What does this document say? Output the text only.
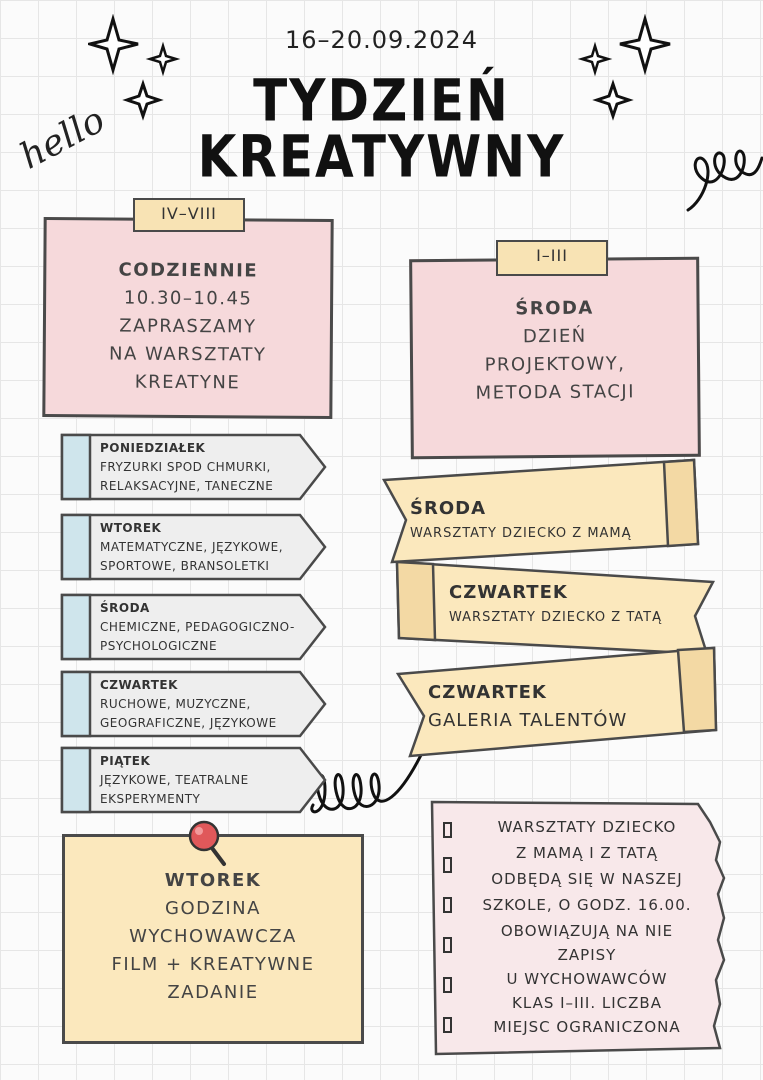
16–20.09.2024
TYDZIEŃ
KREATYWNY
hello
CODZIENNIE
10.30–10.45
ZAPRASZAMY
NA WARSZTATY
KREATYNE
IV–VIII
PONIEDZIAŁEK
FRYZURKI SPOD CHMURKI,
RELAKSACYJNE, TANECZNE
WTOREK
MATEMATYCZNE, JĘZYKOWE,
SPORTOWE, BRANSOLETKI
ŚRODA
CHEMICZNE, PEDAGOGICZNO-
PSYCHOLOGICZNE
CZWARTEK
RUCHOWE, MUZYCZNE,
GEOGRAFICZNE, JĘZYKOWE
PIĄTEK
JĘZYKOWE, TEATRALNE
EKSPERYMENTY
WTOREK
GODZINA
WYCHOWAWCZA
FILM + KREATYWNE
ZADANIE
ŚRODA
DZIEŃ
PROJEKTOWY,
METODA STACJI
I–III
ŚRODA
WARSZTATY DZIECKO Z MAMĄ
CZWARTEK
WARSZTATY DZIECKO Z TATĄ
CZWARTEK
GALERIA TALENTÓW
WARSZTATY DZIECKO
Z MAMĄ I Z TATĄ
ODBĘDĄ SIĘ W NASZEJ
SZKOLE, O GODZ. 16.00.
OBOWIĄZUJĄ NA NIE
ZAPISY
U WYCHOWAWCÓW
KLAS I–III. LICZBA
MIEJSC OGRANICZONA
